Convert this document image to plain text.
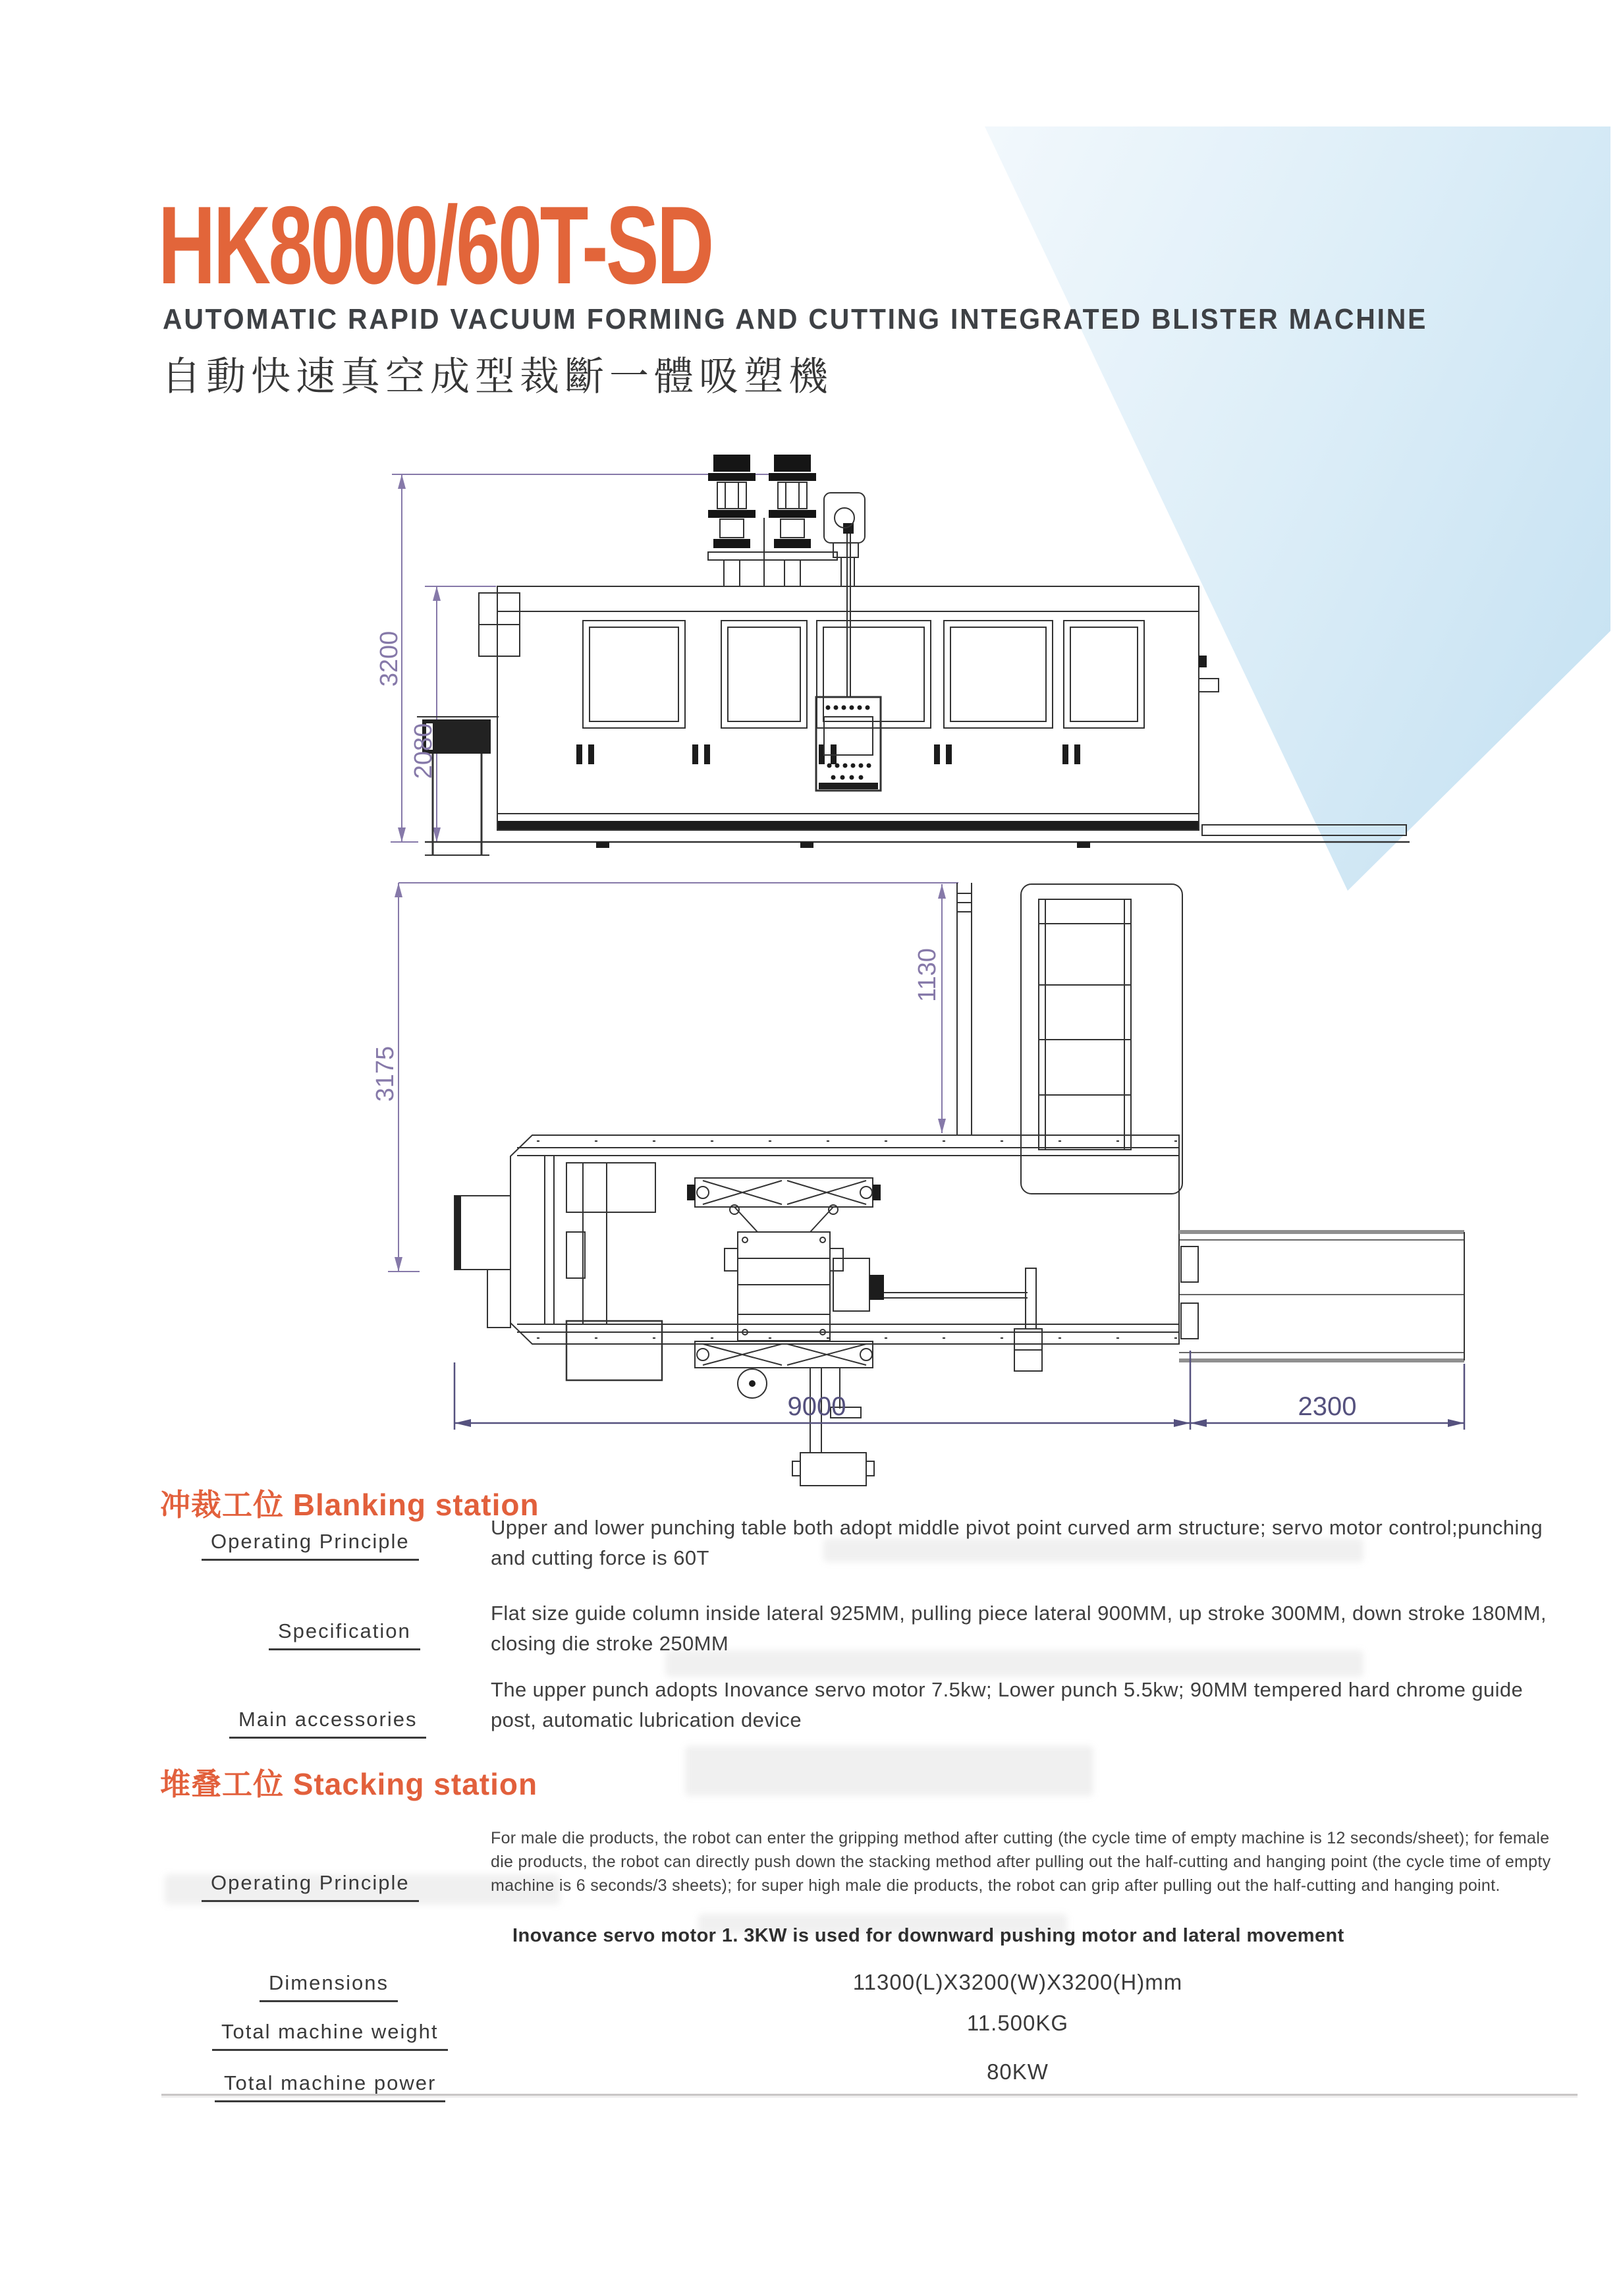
HK8000/60T-SD
AUTOMATIC RAPID VACUUM FORMING AND CUTTING INTEGRATED BLISTER MACHINE
自動快速真空成型裁斷一體吸塑機
3200
2080
3175
1130
9000	2300
冲裁工位 Blanking station
Operating Principle
Upper and lower punching table both adopt middle pivot point curved arm structure; servo motor control;punching and cutting force is 60T
Specification
Flat size guide column inside lateral 925MM, pulling piece lateral 900MM, up stroke 300MM, down stroke 180MM, closing die stroke 250MM
Main accessories
The upper punch adopts Inovance servo motor 7.5kw; Lower punch 5.5kw; 90MM tempered hard chrome guide post, automatic lubrication device
堆叠工位 Stacking station
Operating Principle
For male die products, the robot can enter the gripping method after cutting (the cycle time of empty machine is 12 seconds/sheet); for female die products, the robot can directly push down the stacking method after pulling out the half-cutting and hanging point (the cycle time of empty machine is 6 seconds/3 sheets); for super high male die products, the robot can grip after pulling out the half-cutting and hanging point.
Inovance servo motor 1. 3KW is used for downward pushing motor and lateral movement
Dimensions	11300(L)X3200(W)X3200(H)mm
Total machine weight	11.500KG
Total machine power	80KW
